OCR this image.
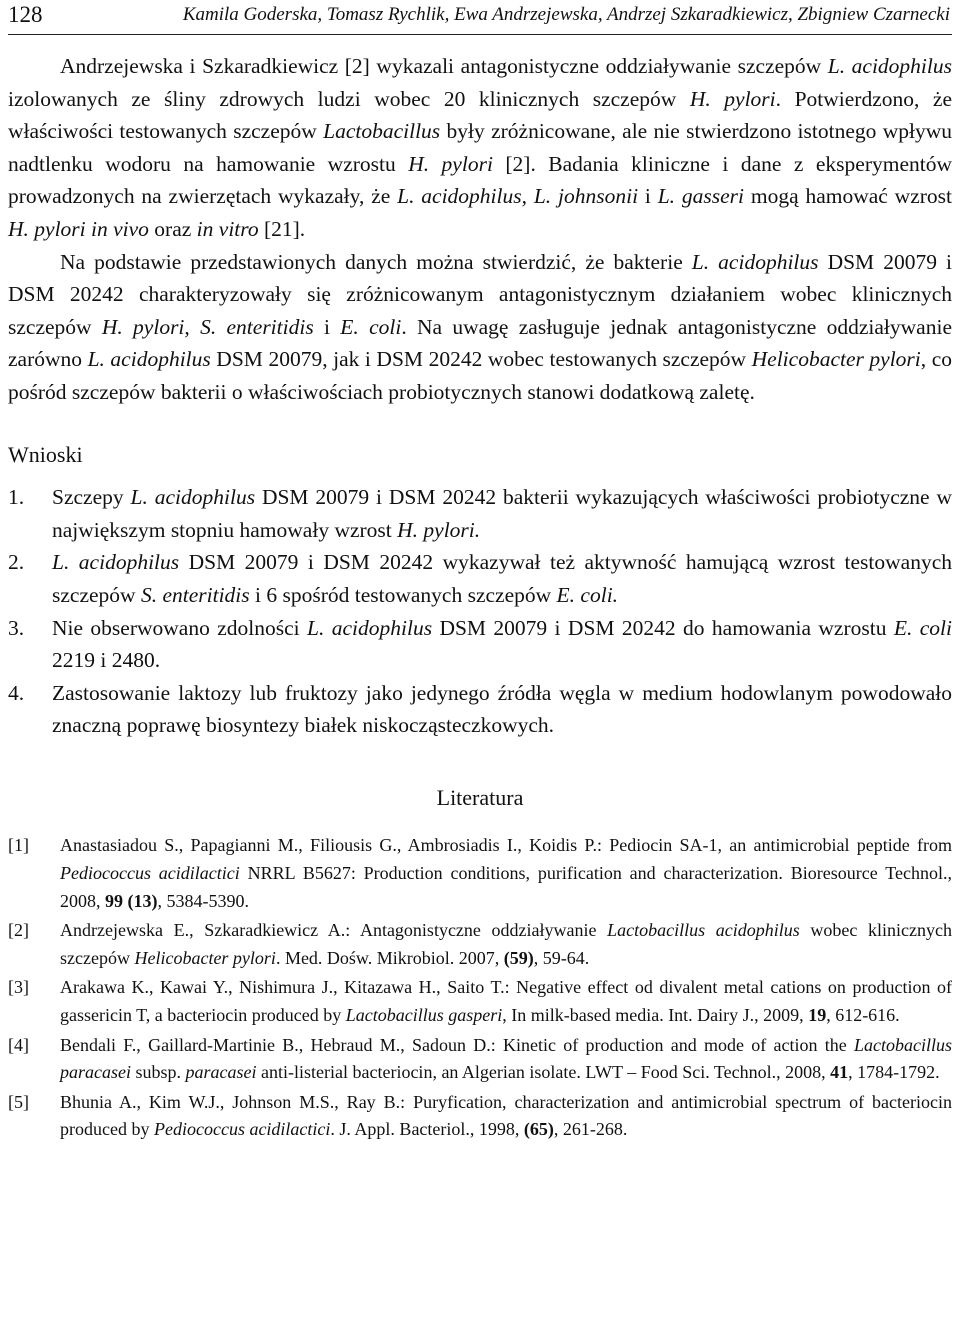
128	Kamila Goderska, Tomasz Rychlik, Ewa Andrzejewska, Andrzej Szkaradkiewicz, Zbigniew Czarnecki

Andrzejewska i Szkaradkiewicz [2] wykazali antagonistyczne oddziaływanie szczepów L. acidophilus izolowanych ze śliny zdrowych ludzi wobec 20 klinicznych szczepów H. pylori. Potwierdzono, że właściwości testowanych szczepów Lactobacillus były zróżnicowane, ale nie stwierdzono istotnego wpływu nadtlenku wodoru na hamowanie wzrostu H. pylori [2]. Badania kliniczne i dane z eksperymentów prowadzonych na zwierzętach wykazały, że L. acidophilus, L. johnsonii i L. gasseri mogą hamować wzrost H. pylori in vivo oraz in vitro [21].

Na podstawie przedstawionych danych można stwierdzić, że bakterie L. acidophilus DSM 20079 i DSM 20242 charakteryzowały się zróżnicowanym antagonistycznym działaniem wobec klinicznych szczepów H. pylori, S. enteritidis i E. coli. Na uwagę zasługuje jednak antagonistyczne oddziaływanie zarówno L. acidophilus DSM 20079, jak i DSM 20242 wobec testowanych szczepów Helicobacter pylori, co pośród szczepów bakterii o właściwościach probiotycznych stanowi dodatkową zaletę.

Wnioski
1. Szczepy L. acidophilus DSM 20079 i DSM 20242 bakterii wykazujących właściwości probiotyczne w największym stopniu hamowały wzrost H. pylori.
2. L. acidophilus DSM 20079 i DSM 20242 wykazywał też aktywność hamującą wzrost testowanych szczepów S. enteritidis i 6 spośród testowanych szczepów E. coli.
3. Nie obserwowano zdolności L. acidophilus DSM 20079 i DSM 20242 do hamowania wzrostu E. coli 2219 i 2480.
4. Zastosowanie laktozy lub fruktozy jako jedynego źródła węgla w medium hodowlanym powodowało znaczną poprawę biosyntezy białek niskocząsteczkowych.
Literatura
[1] Anastasiadou S., Papagianni M., Filiousis G., Ambrosiadis I., Koidis P.: Pediocin SA-1, an antimicrobial peptide from Pediococcus acidilactici NRRL B5627: Production conditions, purification and characterization. Bioresource Technol., 2008, 99 (13), 5384-5390.
[2] Andrzejewska E., Szkaradkiewicz A.: Antagonistyczne oddziaływanie Lactobacillus acidophilus wobec klinicznych szczepów Helicobacter pylori. Med. Dośw. Mikrobiol. 2007, (59), 59-64.
[3] Arakawa K., Kawai Y., Nishimura J., Kitazawa H., Saito T.: Negative effect od divalent metal cations on production of gassericin T, a bacteriocin produced by Lactobacillus gasperi, In milk-based media. Int. Dairy J., 2009, 19, 612-616.
[4] Bendali F., Gaillard-Martinie B., Hebraud M., Sadoun D.: Kinetic of production and mode of action the Lactobacillus paracasei subsp. paracasei anti-listerial bacteriocin, an Algerian isolate. LWT – Food Sci. Technol., 2008, 41, 1784-1792.
[5] Bhunia A., Kim W.J., Johnson M.S., Ray B.: Puryfication, characterization and antimicrobial spectrum of bacteriocin produced by Pediococcus acidilactici. J. Appl. Bacteriol., 1998, (65), 261-268.
